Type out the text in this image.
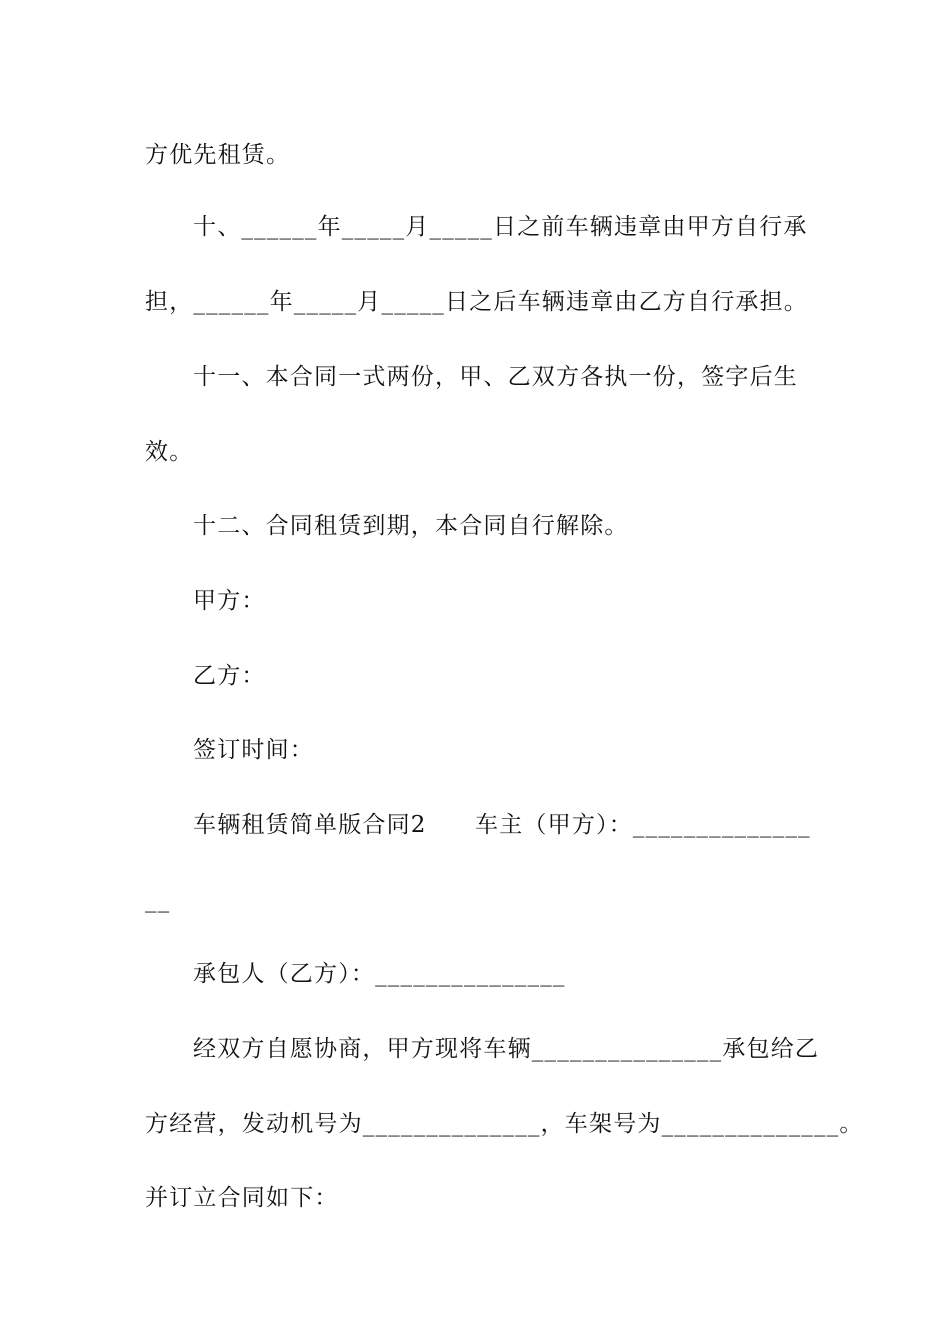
方优先租赁。
十、______年_____月_____日之前车辆违章由甲方自行承
担，______年_____月_____日之后车辆违章由乙方自行承担。
十一、本合同一式两份，甲、乙双方各执一份，签字后生
效。
十二、合同租赁到期，本合同自行解除。
甲方：
乙方：
签订时间：
车辆租赁简单版合同2　　车主（甲方）：______________
__
承包人（乙方）：_______________
经双方自愿协商，甲方现将车辆_______________承包给乙
方经营，发动机号为______________，车架号为______________。
并订立合同如下：
